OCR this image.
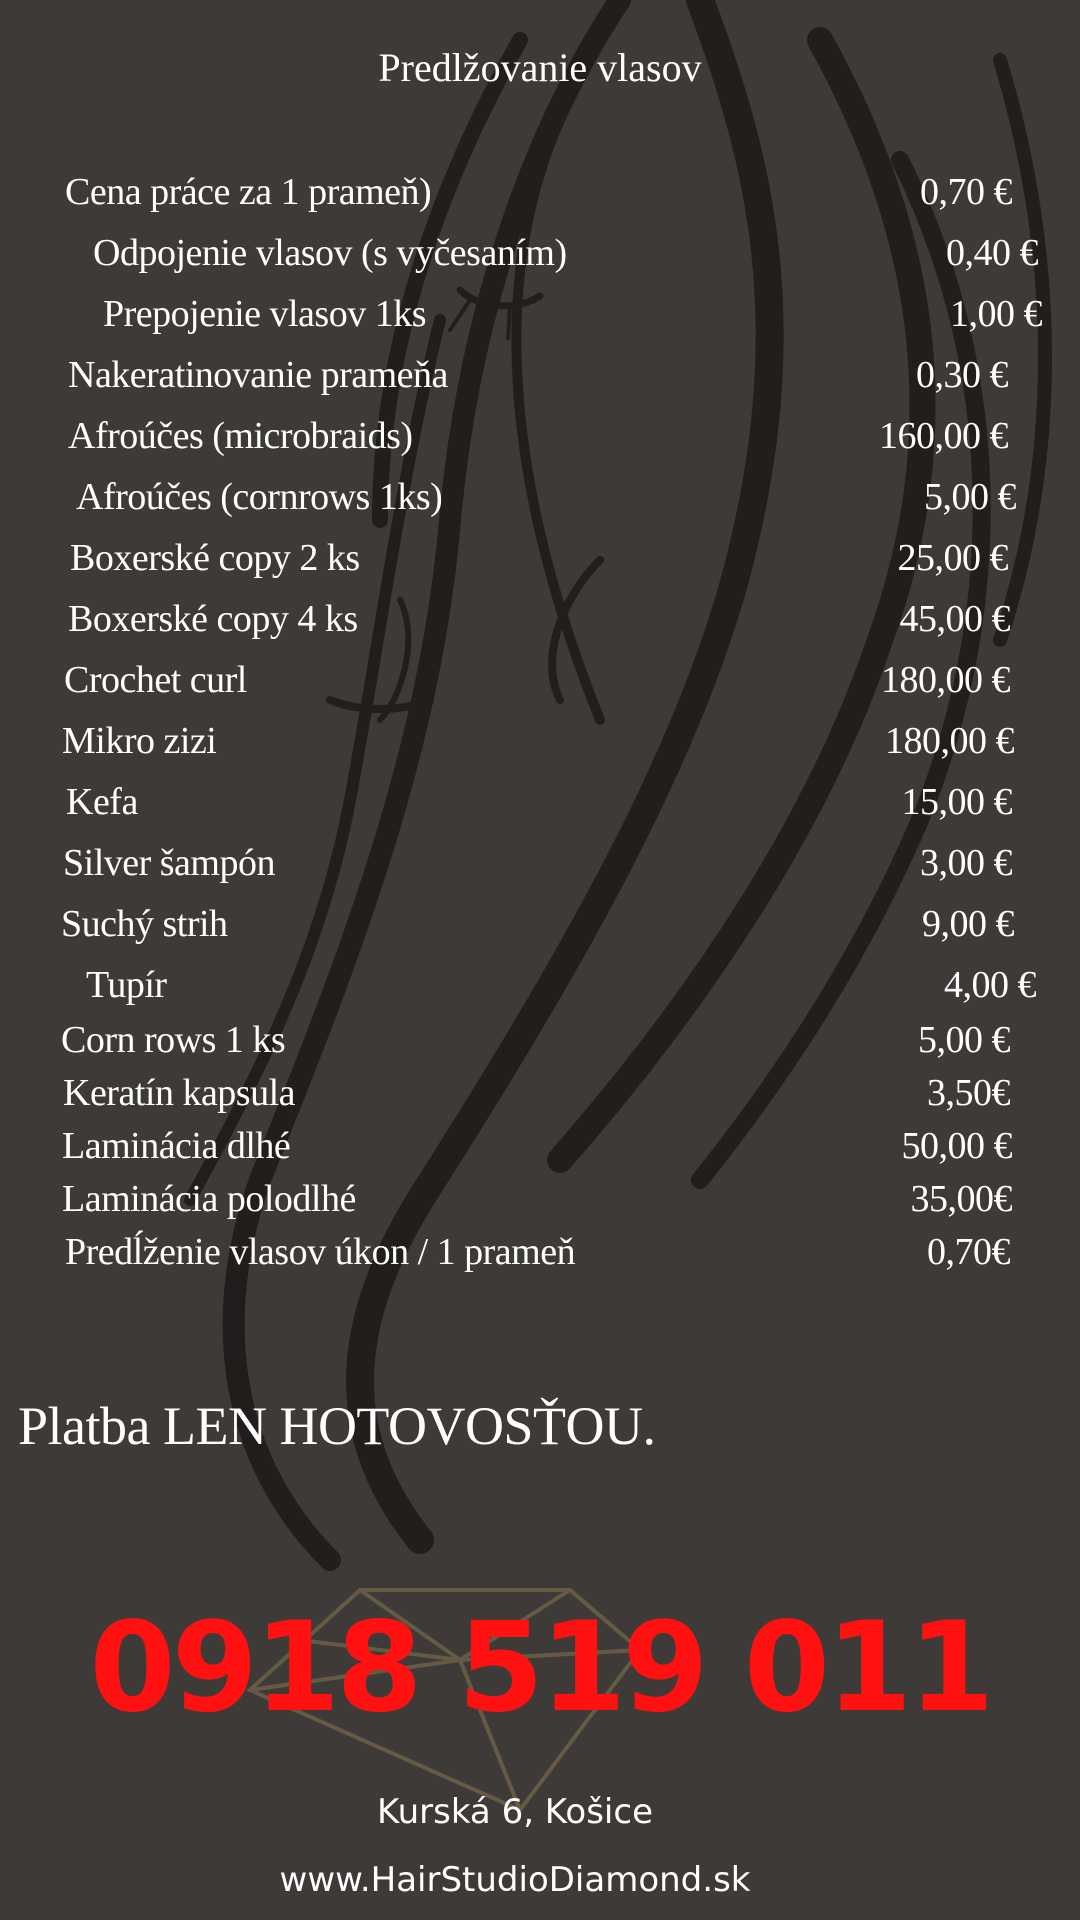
Predlžovanie vlasov
Cena práce za 1 prameň)	0,70 €
Odpojenie vlasov (s vyčesaním)	0,40 €
Prepojenie vlasov 1ks	1,00 €
Nakeratinovanie prameňa	0,30 €
Afroúčes (microbraids)	160,00 €
Afroúčes (cornrows 1ks)	5,00 €
Boxerské copy 2 ks	25,00 €
Boxerské copy 4 ks	45,00 €
Crochet curl	180,00 €
Mikro zizi	180,00 €
Kefa	15,00 €
Silver šampón	3,00 €
Suchý strih	9,00 €
Tupír	4,00 €
Corn rows 1 ks	5,00 €
Keratín kapsula	3,50€
Laminácia dlhé	50,00 €
Laminácia polodlhé	35,00€
Predĺženie vlasov úkon / 1 prameň	0,70€
Platba LEN HOTOVOSŤOU.
0918 519 011
Kurská 6, Košice
www.HairStudioDiamond.sk
